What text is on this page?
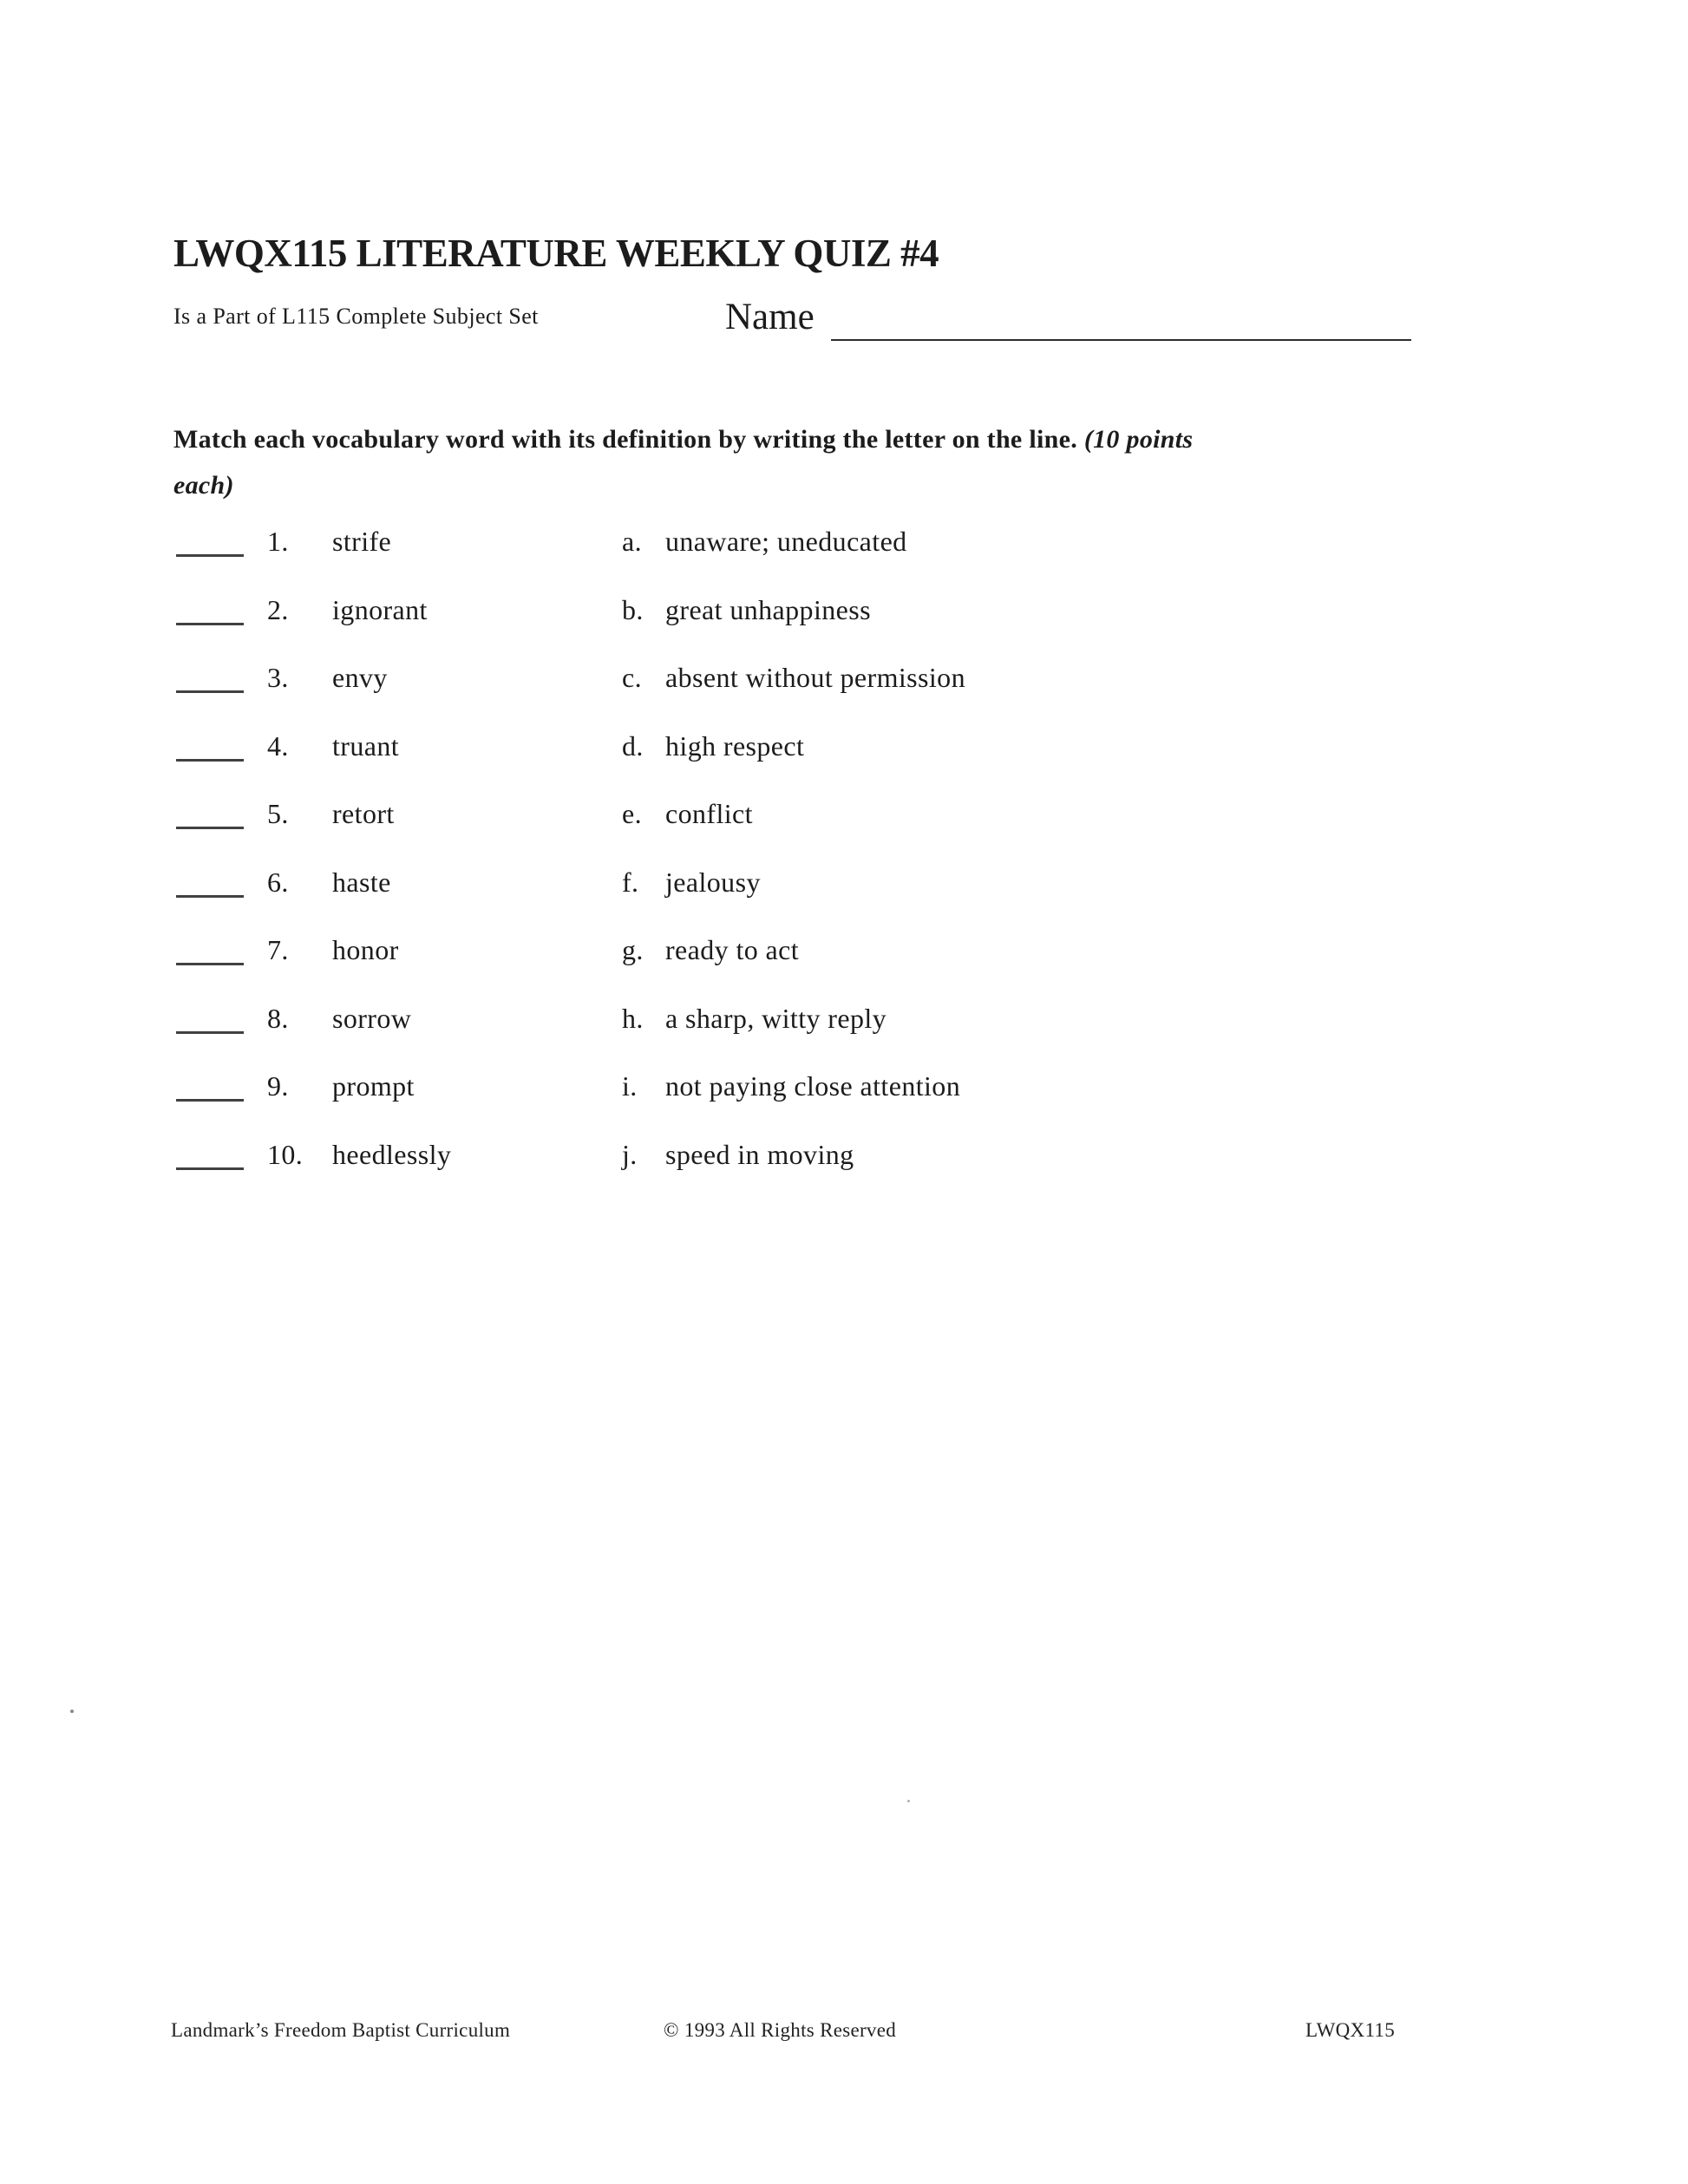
LWQX115 LITERATURE WEEKLY QUIZ #4
Is a Part of L115 Complete Subject Set	Name
Match each vocabulary word with its definition by writing the letter on the line. (10 points
each)
1. strife	a. unaware; uneducated
2. ignorant	b. great unhappiness
3. envy	c. absent without permission
4. truant	d. high respect
5. retort	e. conflict
6. haste	f. jealousy
7. honor	g. ready to act
8. sorrow	h. a sharp, witty reply
9. prompt	i. not paying close attention
10. heedlessly	j. speed in moving
Landmark’s Freedom Baptist Curriculum	© 1993 All Rights Reserved	LWQX115
